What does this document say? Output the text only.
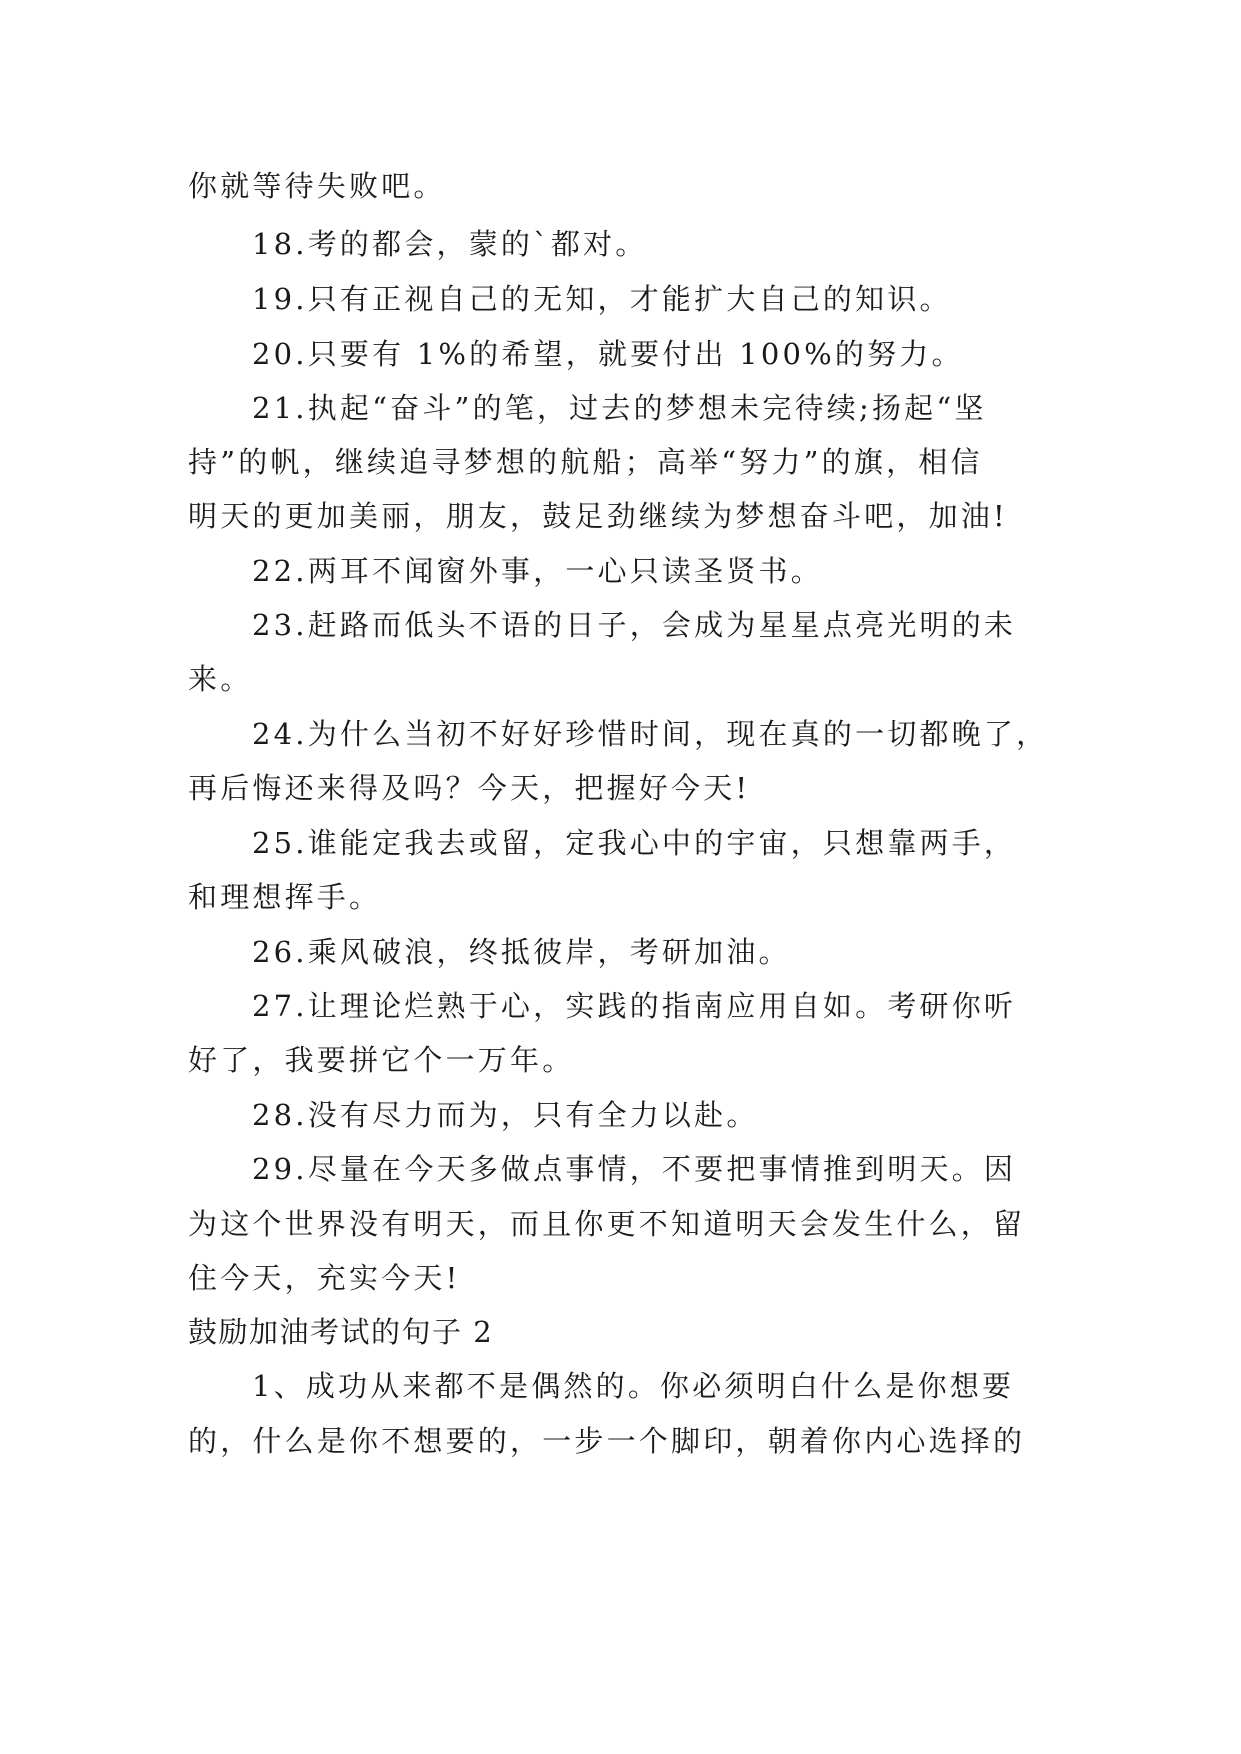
你就等待失败吧。
18.考的都会，蒙的`都对。
19.只有正视自己的无知，才能扩大自己的知识。
20.只要有 1%的希望，就要付出 100%的努力。
21.执起“奋斗”的笔，过去的梦想未完待续;扬起“坚
持”的帆，继续追寻梦想的航船；高举“努力”的旗，相信
明天的更加美丽，朋友，鼓足劲继续为梦想奋斗吧，加油!
22.两耳不闻窗外事，一心只读圣贤书。
23.赶路而低头不语的日子，会成为星星点亮光明的未
来。
24.为什么当初不好好珍惜时间，现在真的一切都晚了，
再后悔还来得及吗？今天，把握好今天!
25.谁能定我去或留，定我心中的宇宙，只想靠两手，
和理想挥手。
26.乘风破浪，终抵彼岸，考研加油。
27.让理论烂熟于心，实践的指南应用自如。考研你听
好了，我要拼它个一万年。
28.没有尽力而为，只有全力以赴。
29.尽量在今天多做点事情，不要把事情推到明天。因
为这个世界没有明天，而且你更不知道明天会发生什么，留
住今天，充实今天!
鼓励加油考试的句子 2
1、成功从来都不是偶然的。你必须明白什么是你想要
的，什么是你不想要的，一步一个脚印，朝着你内心选择的
